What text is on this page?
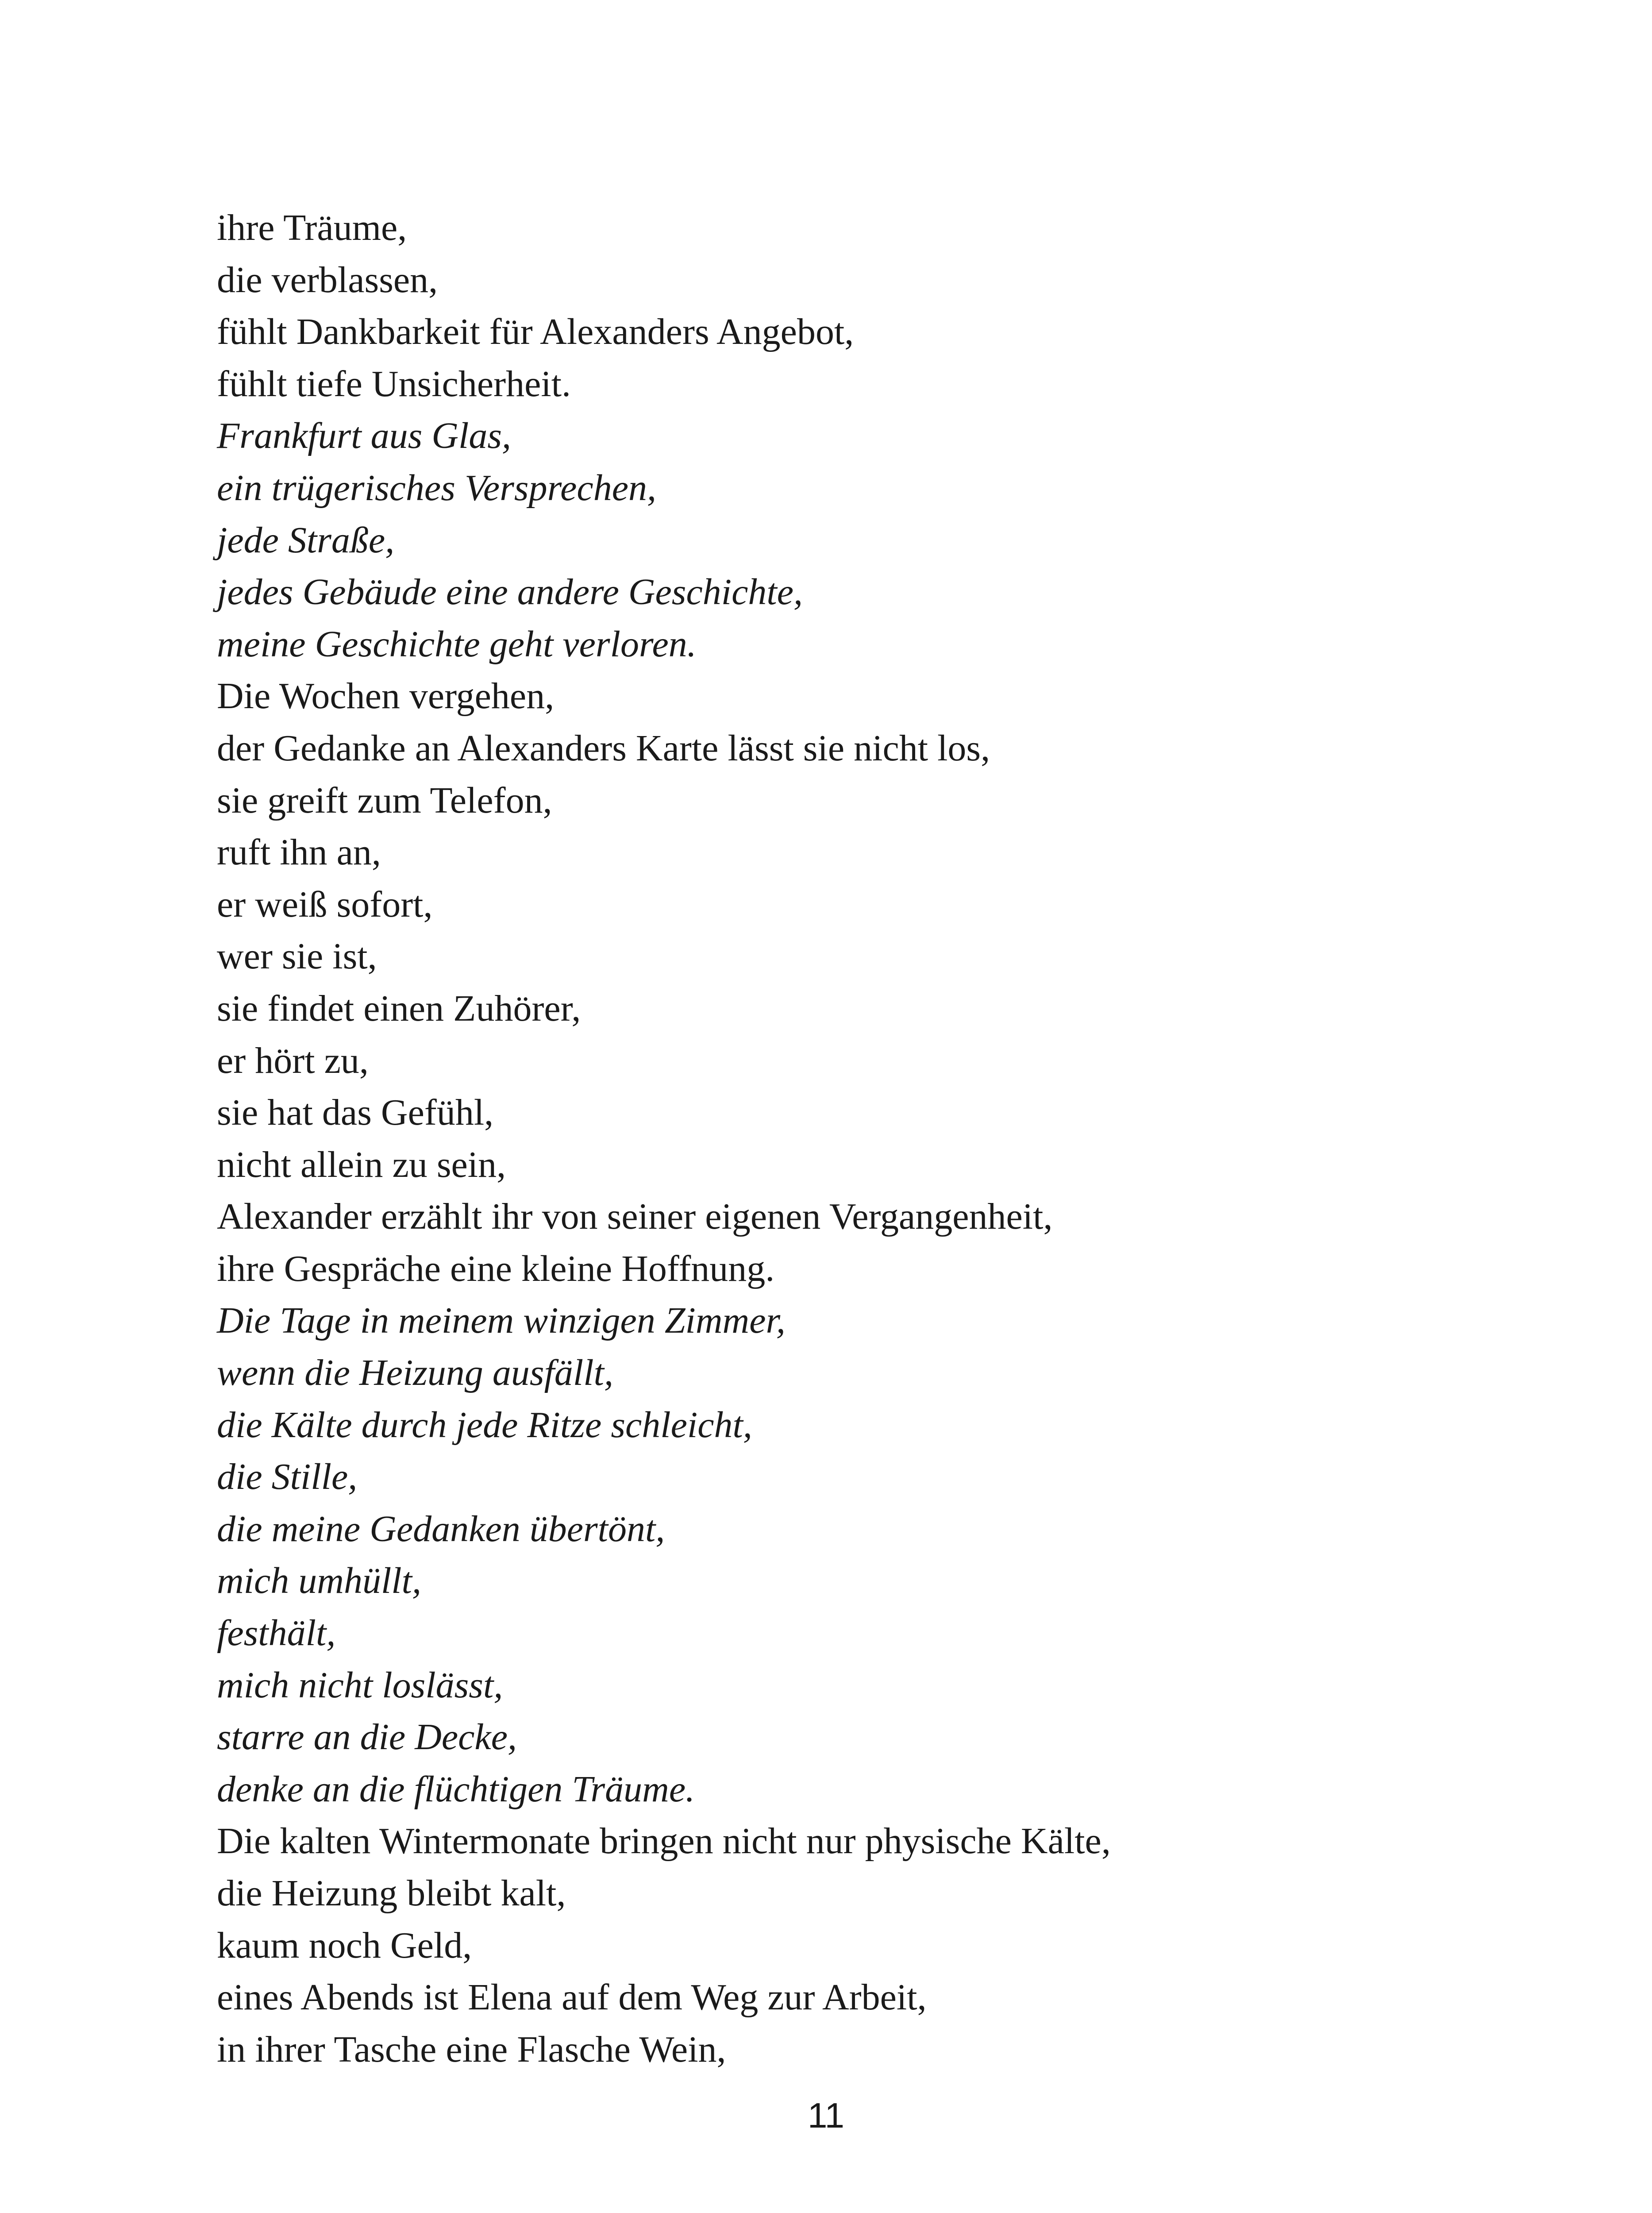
ihre Träume,
die verblassen,
fühlt Dankbarkeit für Alexanders Angebot,
fühlt tiefe Unsicherheit.
Frankfurt aus Glas,
ein trügerisches Versprechen,
jede Straße,
jedes Gebäude eine andere Geschichte,
meine Geschichte geht verloren.
Die Wochen vergehen,
der Gedanke an Alexanders Karte lässt sie nicht los,
sie greift zum Telefon,
ruft ihn an,
er weiß sofort,
wer sie ist,
sie findet einen Zuhörer,
er hört zu,
sie hat das Gefühl,
nicht allein zu sein,
Alexander erzählt ihr von seiner eigenen Vergangenheit,
ihre Gespräche eine kleine Hoffnung.
Die Tage in meinem winzigen Zimmer,
wenn die Heizung ausfällt,
die Kälte durch jede Ritze schleicht,
die Stille,
die meine Gedanken übertönt,
mich umhüllt,
festhält,
mich nicht loslässt,
starre an die Decke,
denke an die flüchtigen Träume.
Die kalten Wintermonate bringen nicht nur physische Kälte,
die Heizung bleibt kalt,
kaum noch Geld,
eines Abends ist Elena auf dem Weg zur Arbeit,
in ihrer Tasche eine Flasche Wein,
11
